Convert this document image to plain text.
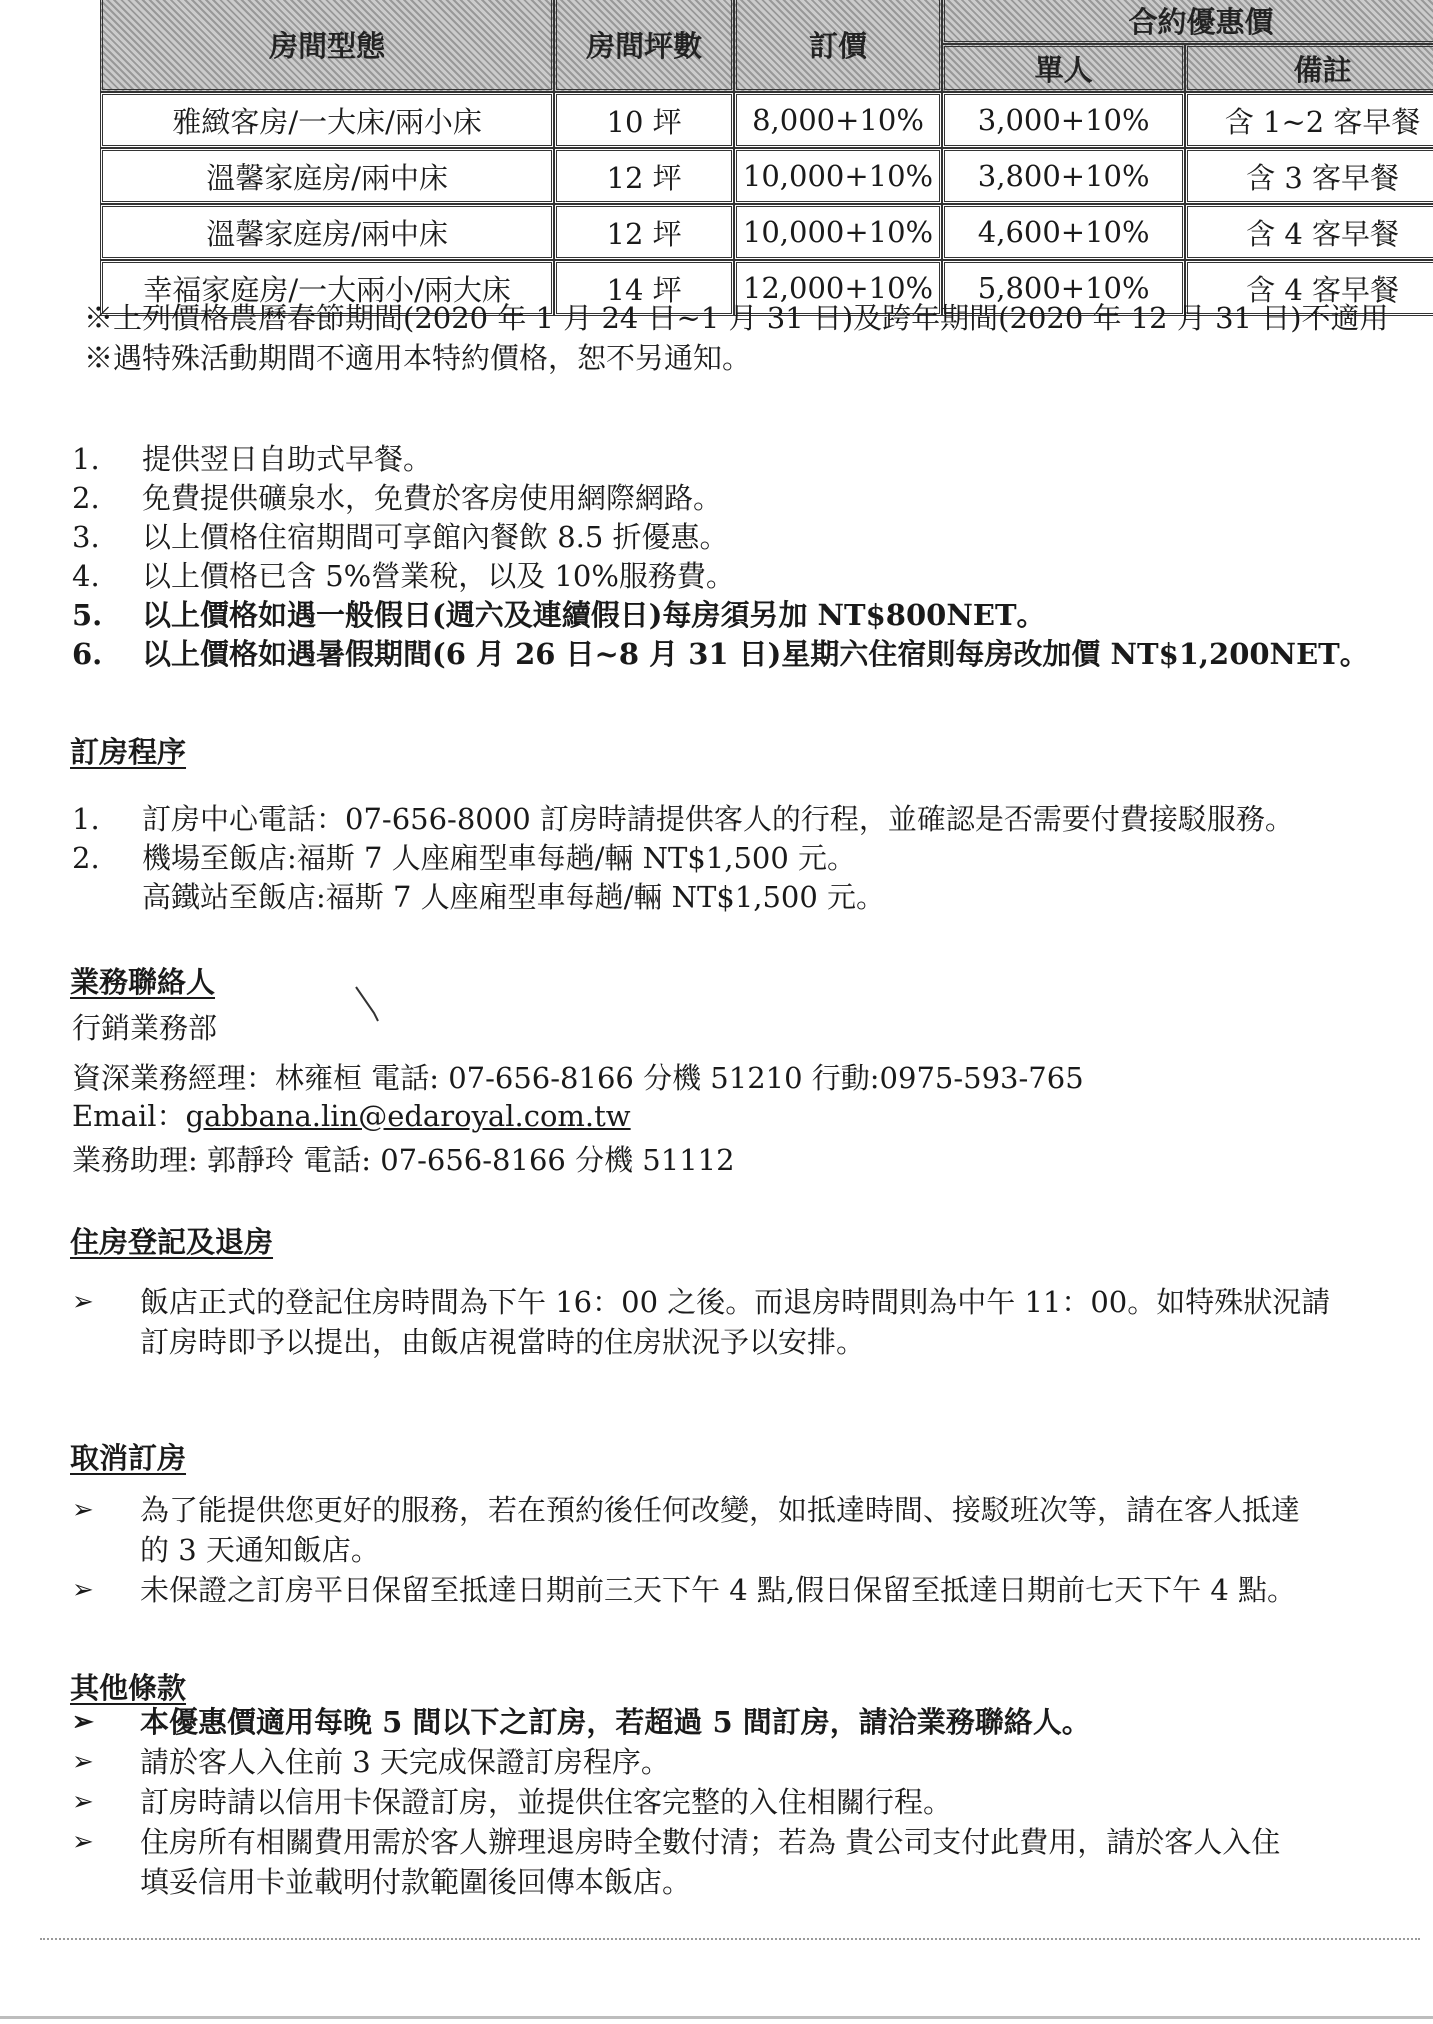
房間型態	房間坪數	訂價	合約優惠價	
			單人	備註
雅緻客房/一大床/兩小床	10 坪	8,000+10%	3,000+10%	含 1~2 客早餐
溫馨家庭房/兩中床	12 坪	10,000+10%	3,800+10%	含 3 客早餐
溫馨家庭房/兩中床	12 坪	10,000+10%	4,600+10%	含 4 客早餐
幸福家庭房/一大兩小/兩大床	14 坪	12,000+10%	5,800+10%	含 4 客早餐
※上列價格農曆春節期間(2020 年 1 月 24 日~1 月 31 日)及跨年期間(2020 年 12 月 31 日)不適用
※遇特殊活動期間不適用本特約價格，恕不另通知。
1. 提供翌日自助式早餐。
2. 免費提供礦泉水，免費於客房使用網際網路。
3. 以上價格住宿期間可享館內餐飲 8.5 折優惠。
4. 以上價格已含 5%營業稅，以及 10%服務費。
5. 以上價格如遇一般假日(週六及連續假日)每房須另加 NT$800NET。
6. 以上價格如遇暑假期間(6 月 26 日~8 月 31 日)星期六住宿則每房改加價 NT$1,200NET。
訂房程序
1. 訂房中心電話：07-656-8000 訂房時請提供客人的行程，並確認是否需要付費接駁服務。
2. 機場至飯店:福斯 7 人座廂型車每趟/輛 NT$1,500 元。
高鐵站至飯店:福斯 7 人座廂型車每趟/輛 NT$1,500 元。
業務聯絡人
行銷業務部
資深業務經理：林雍桓 電話: 07-656-8166 分機 51210 行動:0975-593-765
Email：gabbana.lin@edaroyal.com.tw
業務助理: 郭靜玲 電話: 07-656-8166 分機 51112
住房登記及退房
➢ 飯店正式的登記住房時間為下午 16：00 之後。而退房時間則為中午 11：00。如特殊狀況請
訂房時即予以提出，由飯店視當時的住房狀況予以安排。
取消訂房
➢ 為了能提供您更好的服務，若在預約後任何改變，如抵達時間、接駁班次等，請在客人抵達
的 3 天通知飯店。
➢ 未保證之訂房平日保留至抵達日期前三天下午 4 點,假日保留至抵達日期前七天下午 4 點。
其他條款
➢ 本優惠價適用每晚 5 間以下之訂房，若超過 5 間訂房，請洽業務聯絡人。
➢ 請於客人入住前 3 天完成保證訂房程序。
➢ 訂房時請以信用卡保證訂房，並提供住客完整的入住相關行程。
➢ 住房所有相關費用需於客人辦理退房時全數付清；若為 貴公司支付此費用，請於客人入住
填妥信用卡並載明付款範圍後回傳本飯店。
